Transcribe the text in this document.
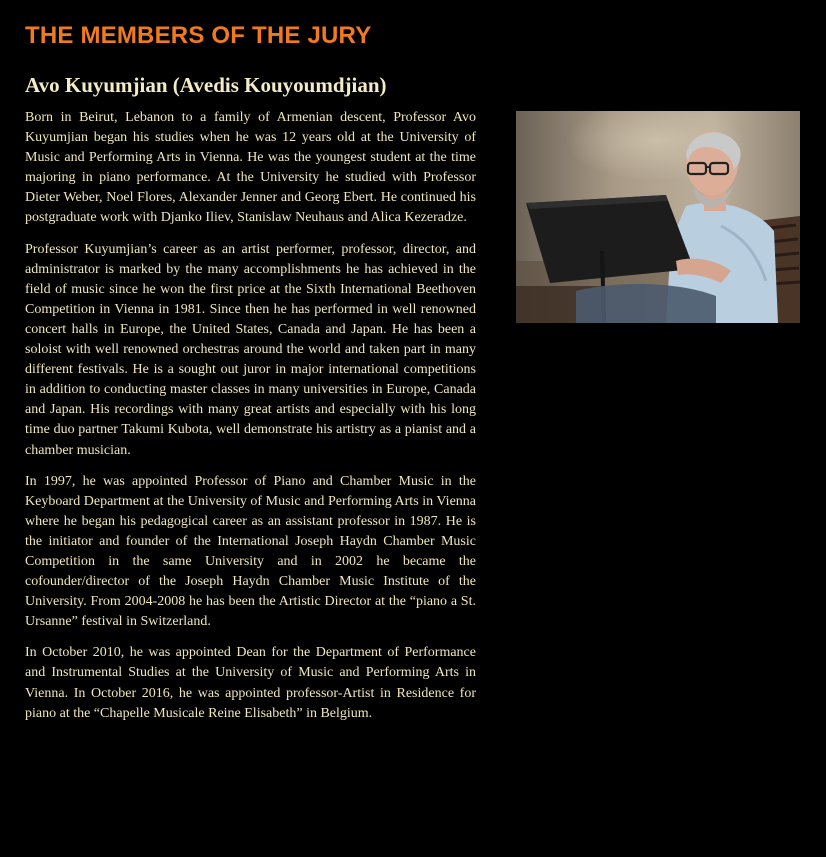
THE MEMBERS OF THE JURY
Avo Kuyumjian (Avedis Kouyoumdjian)

Born in Beirut, Lebanon to a family of Armenian descent, Professor Avo Kuyumjian began his studies when he was 12 years old at the University of Music and Performing Arts in Vienna. He was the youngest student at the time majoring in piano performance. At the University he studied with Professor Dieter Weber, Noel Flores, Alexander Jenner and Georg Ebert. He continued his postgraduate work with Djanko Iliev, Stanislaw Neuhaus and Alica Kezeradze.

Professor Kuyumjian’s career as an artist performer, professor, director, and administrator is marked by the many accomplishments he has achieved in the field of music since he won the first price at the Sixth International Beethoven Competition in Vienna in 1981. Since then he has performed in well renowned concert halls in Europe, the United States, Canada and Japan. He has been a soloist with well renowned orchestras around the world and taken part in many different festivals. He is a sought out juror in major international competitions in addition to conducting master classes in many universities in Europe, Canada and Japan. His recordings with many great artists and especially with his long time duo partner Takumi Kubota, well demonstrate his artistry as a pianist and a chamber musician.

In 1997, he was appointed Professor of Piano and Chamber Music in the Keyboard Department at the University of Music and Performing Arts in Vienna where he began his pedagogical career as an assistant professor in 1987. He is the initiator and founder of the International Joseph Haydn Chamber Music Competition in the same University and in 2002 he became the cofounder/director of the Joseph Haydn Chamber Music Institute of the University. From 2004-2008 he has been the Artistic Director at the “piano a St. Ursanne” festival in Switzerland.

In October 2010, he was appointed Dean for the Department of Performance and Instrumental Studies at the University of Music and Performing Arts in Vienna. In October 2016, he was appointed professor-Artist in Residence for piano at the “Chapelle Musicale Reine Elisabeth” in Belgium.
